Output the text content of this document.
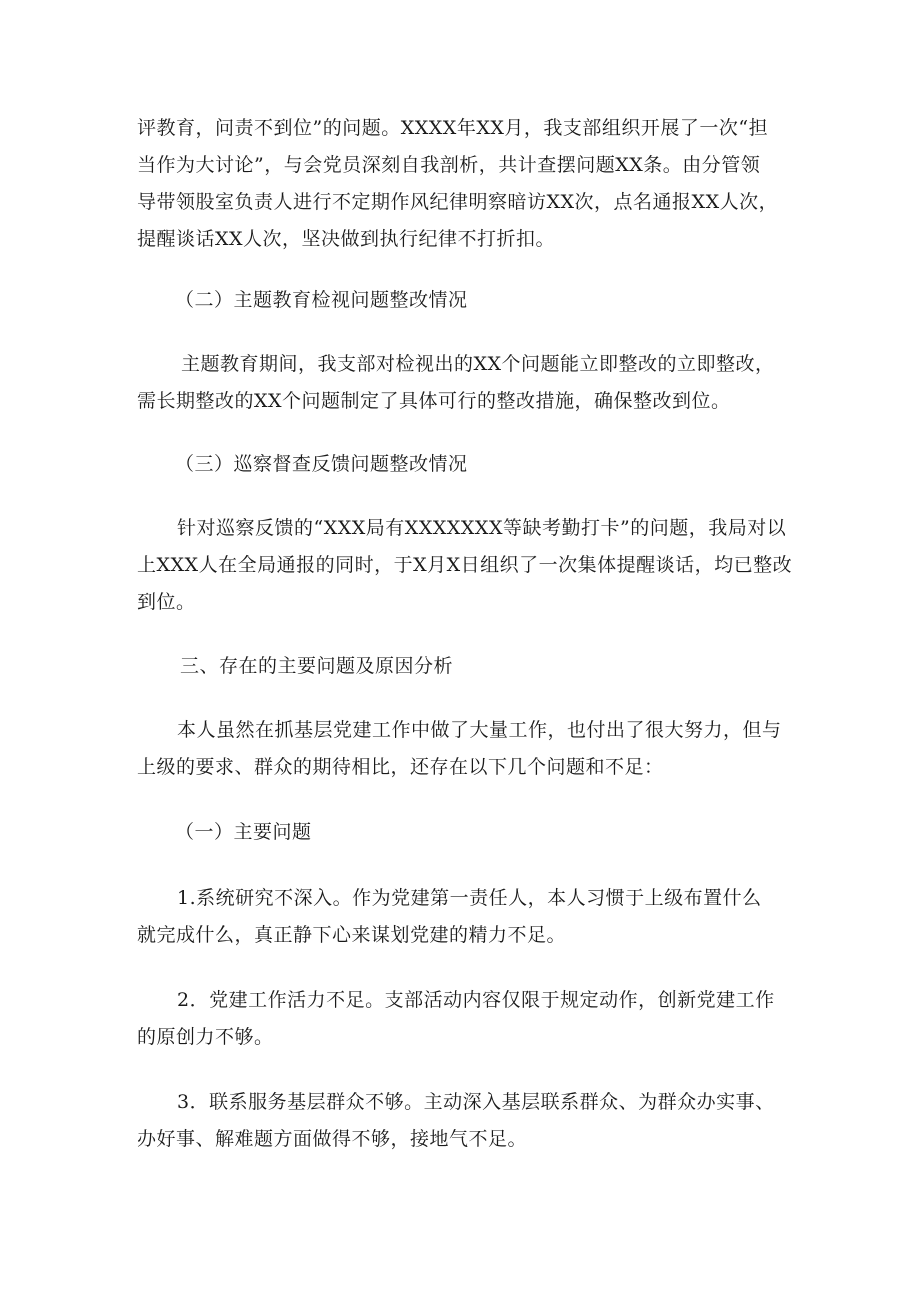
评教育，问责不到位”的问题。XXXX年XX月，我支部组织开展了一次“担
当作为大讨论”，与会党员深刻自我剖析，共计查摆问题XX条。由分管领
导带领股室负责人进行不定期作风纪律明察暗访XX次，点名通报XX人次，
提醒谈话XX人次，坚决做到执行纪律不打折扣。
（二）主题教育检视问题整改情况
主题教育期间，我支部对检视出的XX个问题能立即整改的立即整改，
需长期整改的XX个问题制定了具体可行的整改措施，确保整改到位。
（三）巡察督查反馈问题整改情况
针对巡察反馈的“XXX局有XXXXXXX等缺考勤打卡”的问题，我局对以
上XXX人在全局通报的同时，于X月X日组织了一次集体提醒谈话，均已整改
到位。
三、存在的主要问题及原因分析
本人虽然在抓基层党建工作中做了大量工作，也付出了很大努力，但与
上级的要求、群众的期待相比，还存在以下几个问题和不足：
（一）主要问题
1.系统研究不深入。作为党建第一责任人，本人习惯于上级布置什么
就完成什么，真正静下心来谋划党建的精力不足。
2．党建工作活力不足。支部活动内容仅限于规定动作，创新党建工作
的原创力不够。
3．联系服务基层群众不够。主动深入基层联系群众、为群众办实事、
办好事、解难题方面做得不够，接地气不足。
